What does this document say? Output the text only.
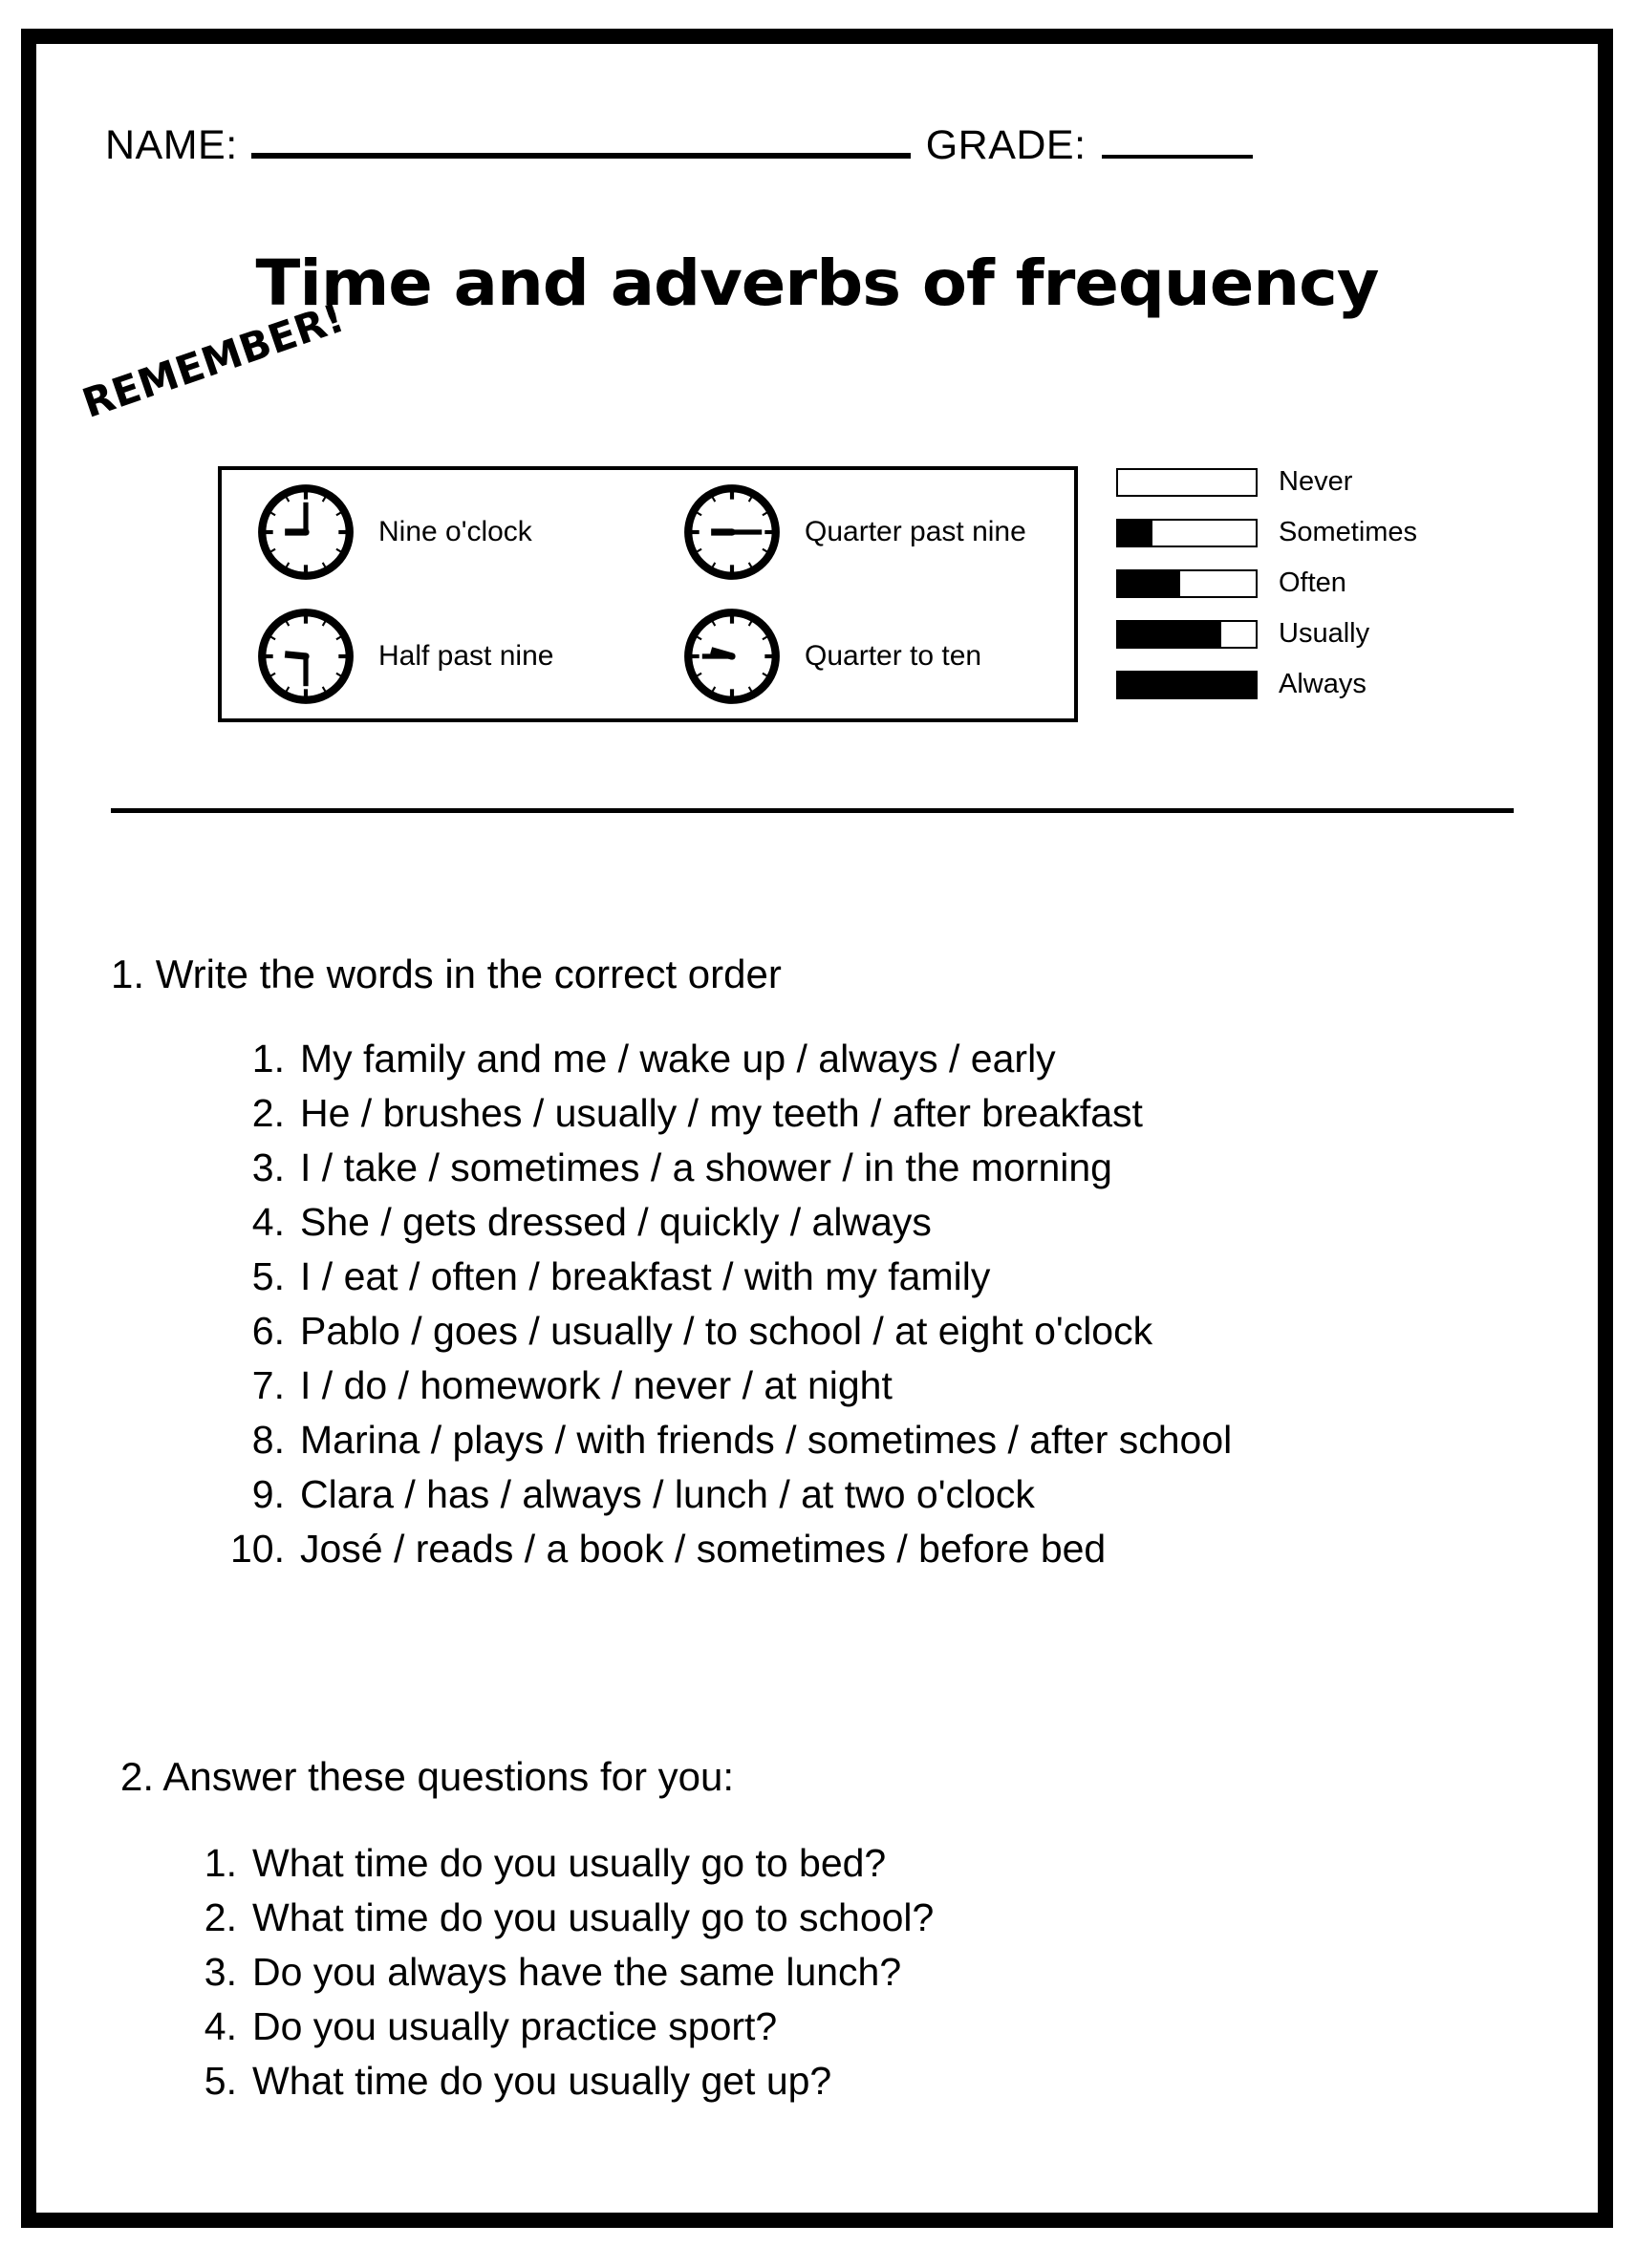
NAME:	GRADE:
Time and adverbs of frequency
REMEMBER!
Nine o'clock	Quarter past nine
Half past nine	Quarter to ten
Never
Sometimes
Often
Usually
Always
1. Write the words in the correct order
1. My family and me / wake up / always / early
2. He / brushes / usually / my teeth / after breakfast
3. I / take / sometimes / a shower / in the morning
4. She / gets dressed / quickly / always
5. I / eat / often / breakfast / with my family
6. Pablo / goes / usually / to school / at eight o'clock
7. I / do / homework / never / at night
8. Marina / plays / with friends / sometimes / after school
9. Clara / has / always / lunch / at two o'clock
10. José / reads / a book / sometimes / before bed
2. Answer these questions for you:
1. What time do you usually go to bed?
2. What time do you usually go to school?
3. Do you always have the same lunch?
4. Do you usually practice sport?
5. What time do you usually get up?
